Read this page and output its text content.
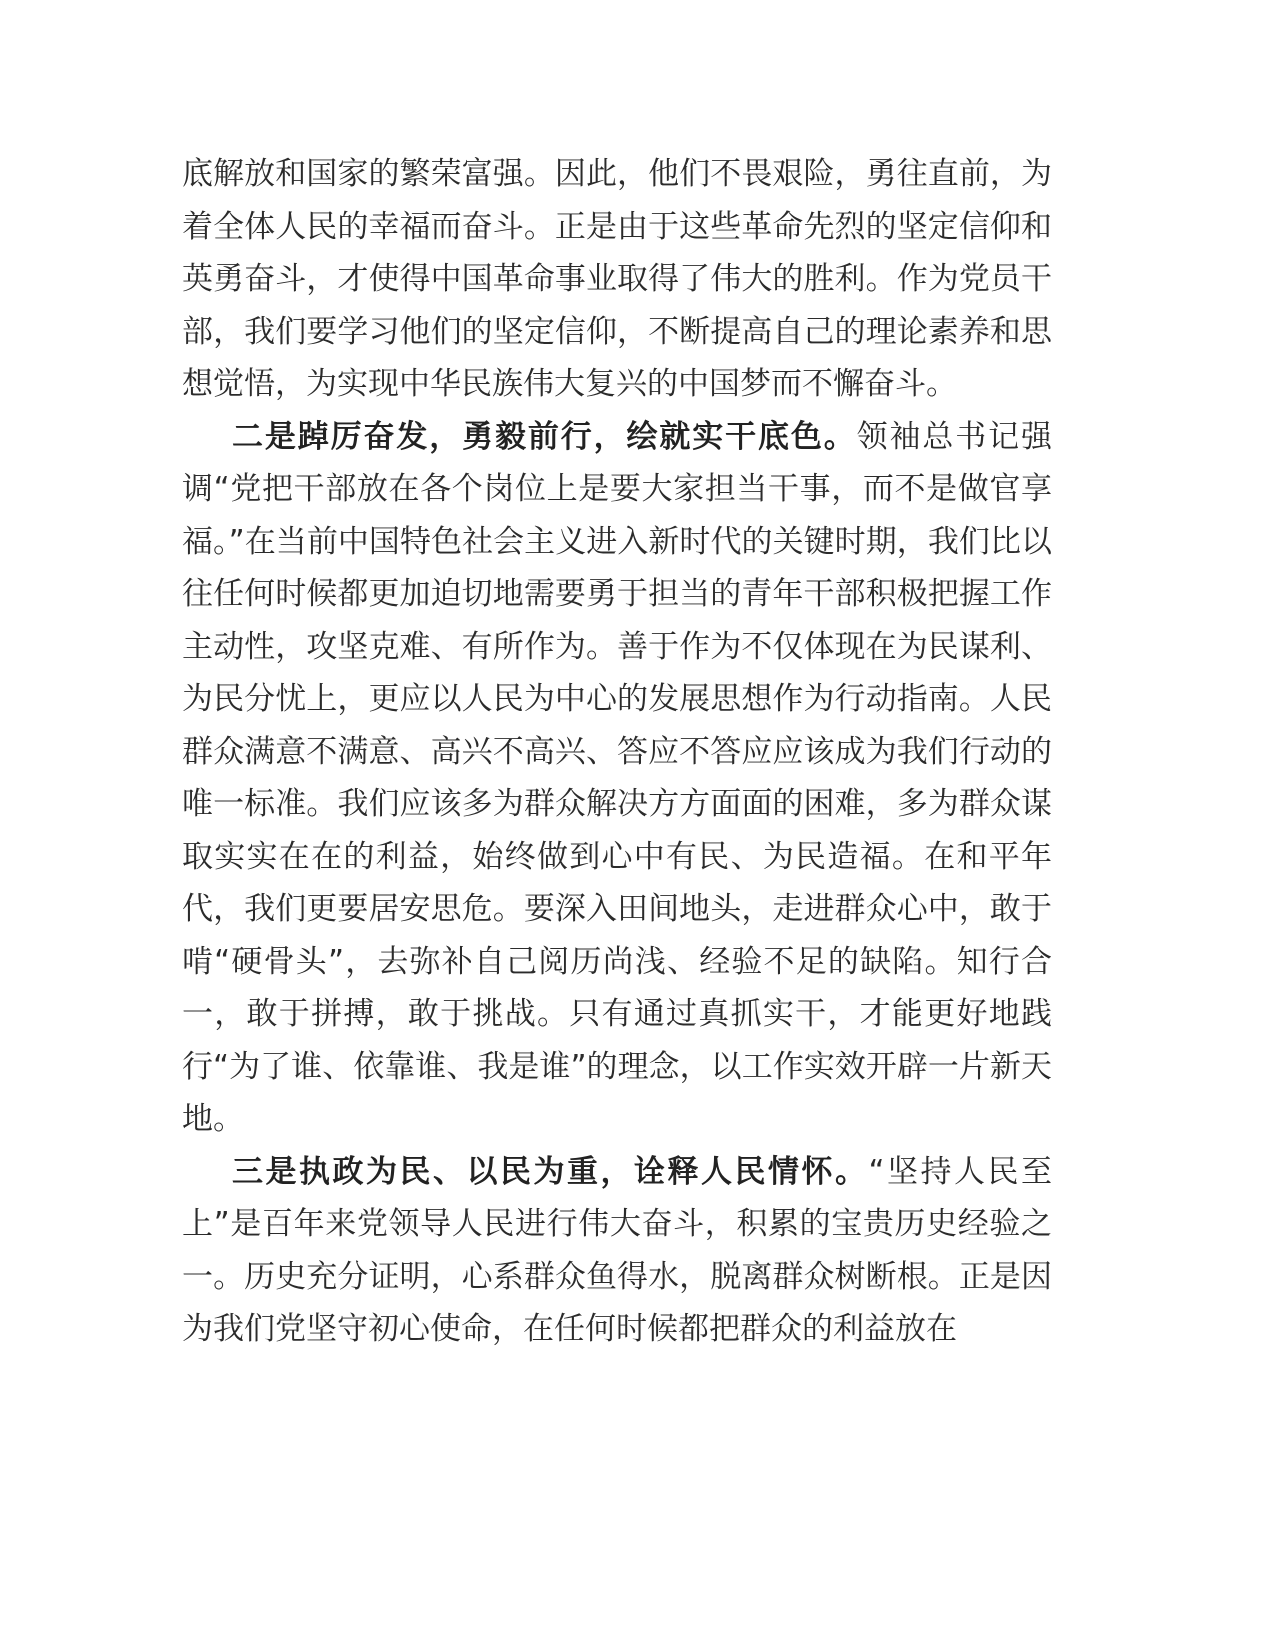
底解放和国家的繁荣富强。因此，他们不畏艰险，勇往直前，为着全体人民的幸福而奋斗。正是由于这些革命先烈的坚定信仰和英勇奋斗，才使得中国革命事业取得了伟大的胜利。作为党员干部，我们要学习他们的坚定信仰，不断提高自己的理论素养和思想觉悟，为实现中华民族伟大复兴的中国梦而不懈奋斗。

二是踔厉奋发，勇毅前行，绘就实干底色。领袖总书记强调“党把干部放在各个岗位上是要大家担当干事，而不是做官享福。”在当前中国特色社会主义进入新时代的关键时期，我们比以往任何时候都更加迫切地需要勇于担当的青年干部积极把握工作主动性，攻坚克难、有所作为。善于作为不仅体现在为民谋利、为民分忧上，更应以人民为中心的发展思想作为行动指南。人民群众满意不满意、高兴不高兴、答应不答应应该成为我们行动的唯一标准。我们应该多为群众解决方方面面的困难，多为群众谋取实实在在的利益，始终做到心中有民、为民造福。在和平年代，我们更要居安思危。要深入田间地头，走进群众心中，敢于啃“硬骨头”，去弥补自己阅历尚浅、经验不足的缺陷。知行合一，敢于拼搏，敢于挑战。只有通过真抓实干，才能更好地践行“为了谁、依靠谁、我是谁”的理念，以工作实效开辟一片新天地。

三是执政为民、以民为重，诠释人民情怀。“坚持人民至上”是百年来党领导人民进行伟大奋斗，积累的宝贵历史经验之一。历史充分证明，心系群众鱼得水，脱离群众树断根。正是因为我们党坚守初心使命，在任何时候都把群众的利益放在
